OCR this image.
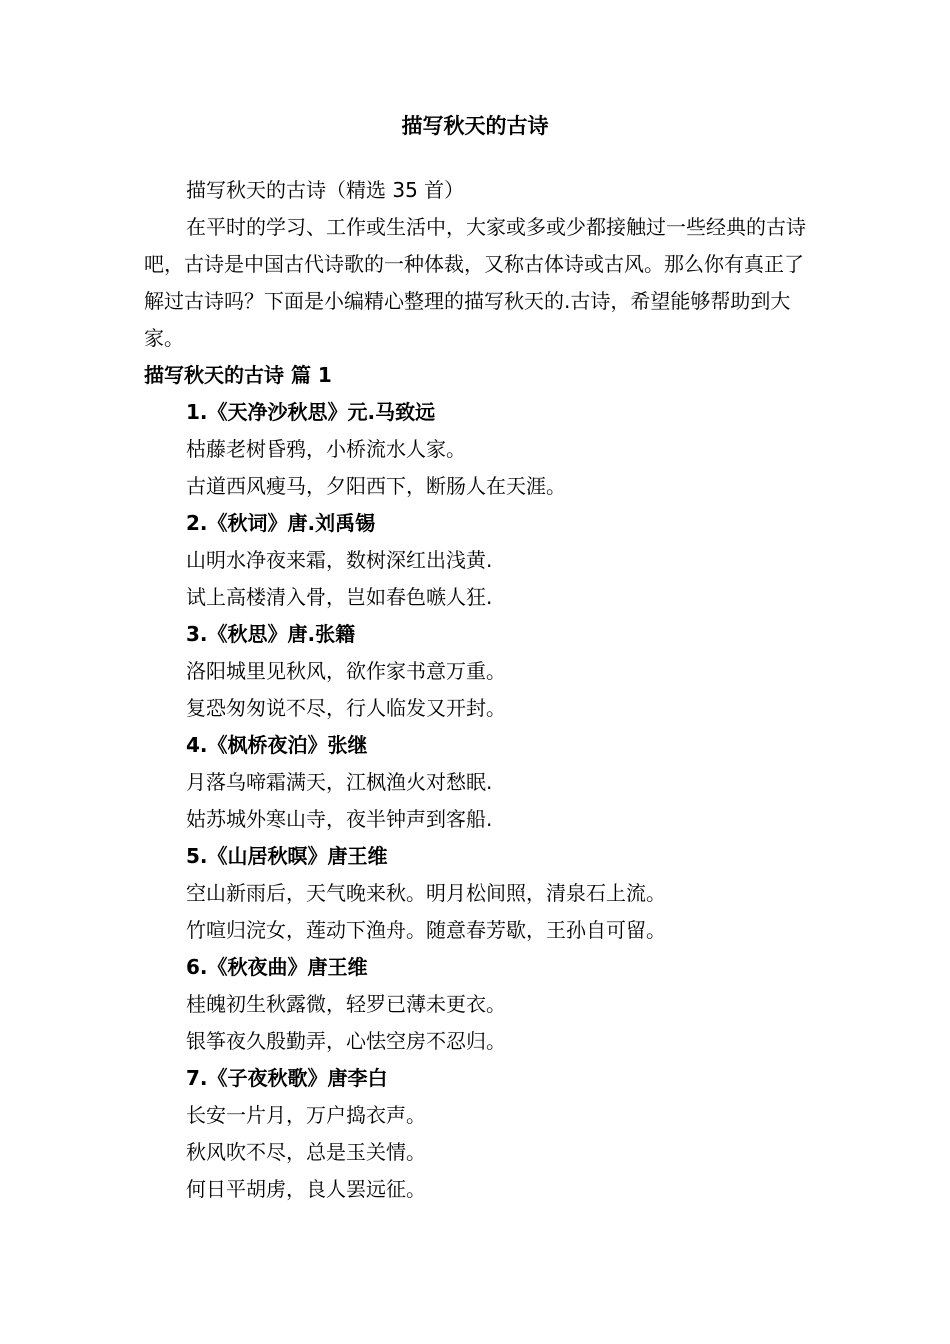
描写秋天的古诗
描写秋天的古诗（精选 35 首）

在平时的学习、工作或生活中，大家或多或少都接触过一些经典的古诗吧，古诗是中国古代诗歌的一种体裁，又称古体诗或古风。那么你有真正了解过古诗吗？下面是小编精心整理的描写秋天的.古诗，希望能够帮助到大家。

描写秋天的古诗 篇 1
1.《天净沙秋思》元.马致远
枯藤老树昏鸦，小桥流水人家。
古道西风瘦马，夕阳西下，断肠人在天涯。
2.《秋词》唐.刘禹锡
山明水净夜来霜，数树深红出浅黄.
试上高楼清入骨，岂如春色嗾人狂.
3.《秋思》唐.张籍
洛阳城里见秋风，欲作家书意万重。
复恐匆匆说不尽，行人临发又开封。
4.《枫桥夜泊》张继
月落乌啼霜满天，江枫渔火对愁眠.
姑苏城外寒山寺，夜半钟声到客船.
5.《山居秋暝》唐王维
空山新雨后，天气晚来秋。明月松间照，清泉石上流。
竹喧归浣女，莲动下渔舟。随意春芳歇，王孙自可留。
6.《秋夜曲》唐王维
桂魄初生秋露微，轻罗已薄未更衣。
银筝夜久殷勤弄，心怯空房不忍归。
7.《子夜秋歌》唐李白
长安一片月，万户捣衣声。
秋风吹不尽，总是玉关情。
何日平胡虏，良人罢远征。
